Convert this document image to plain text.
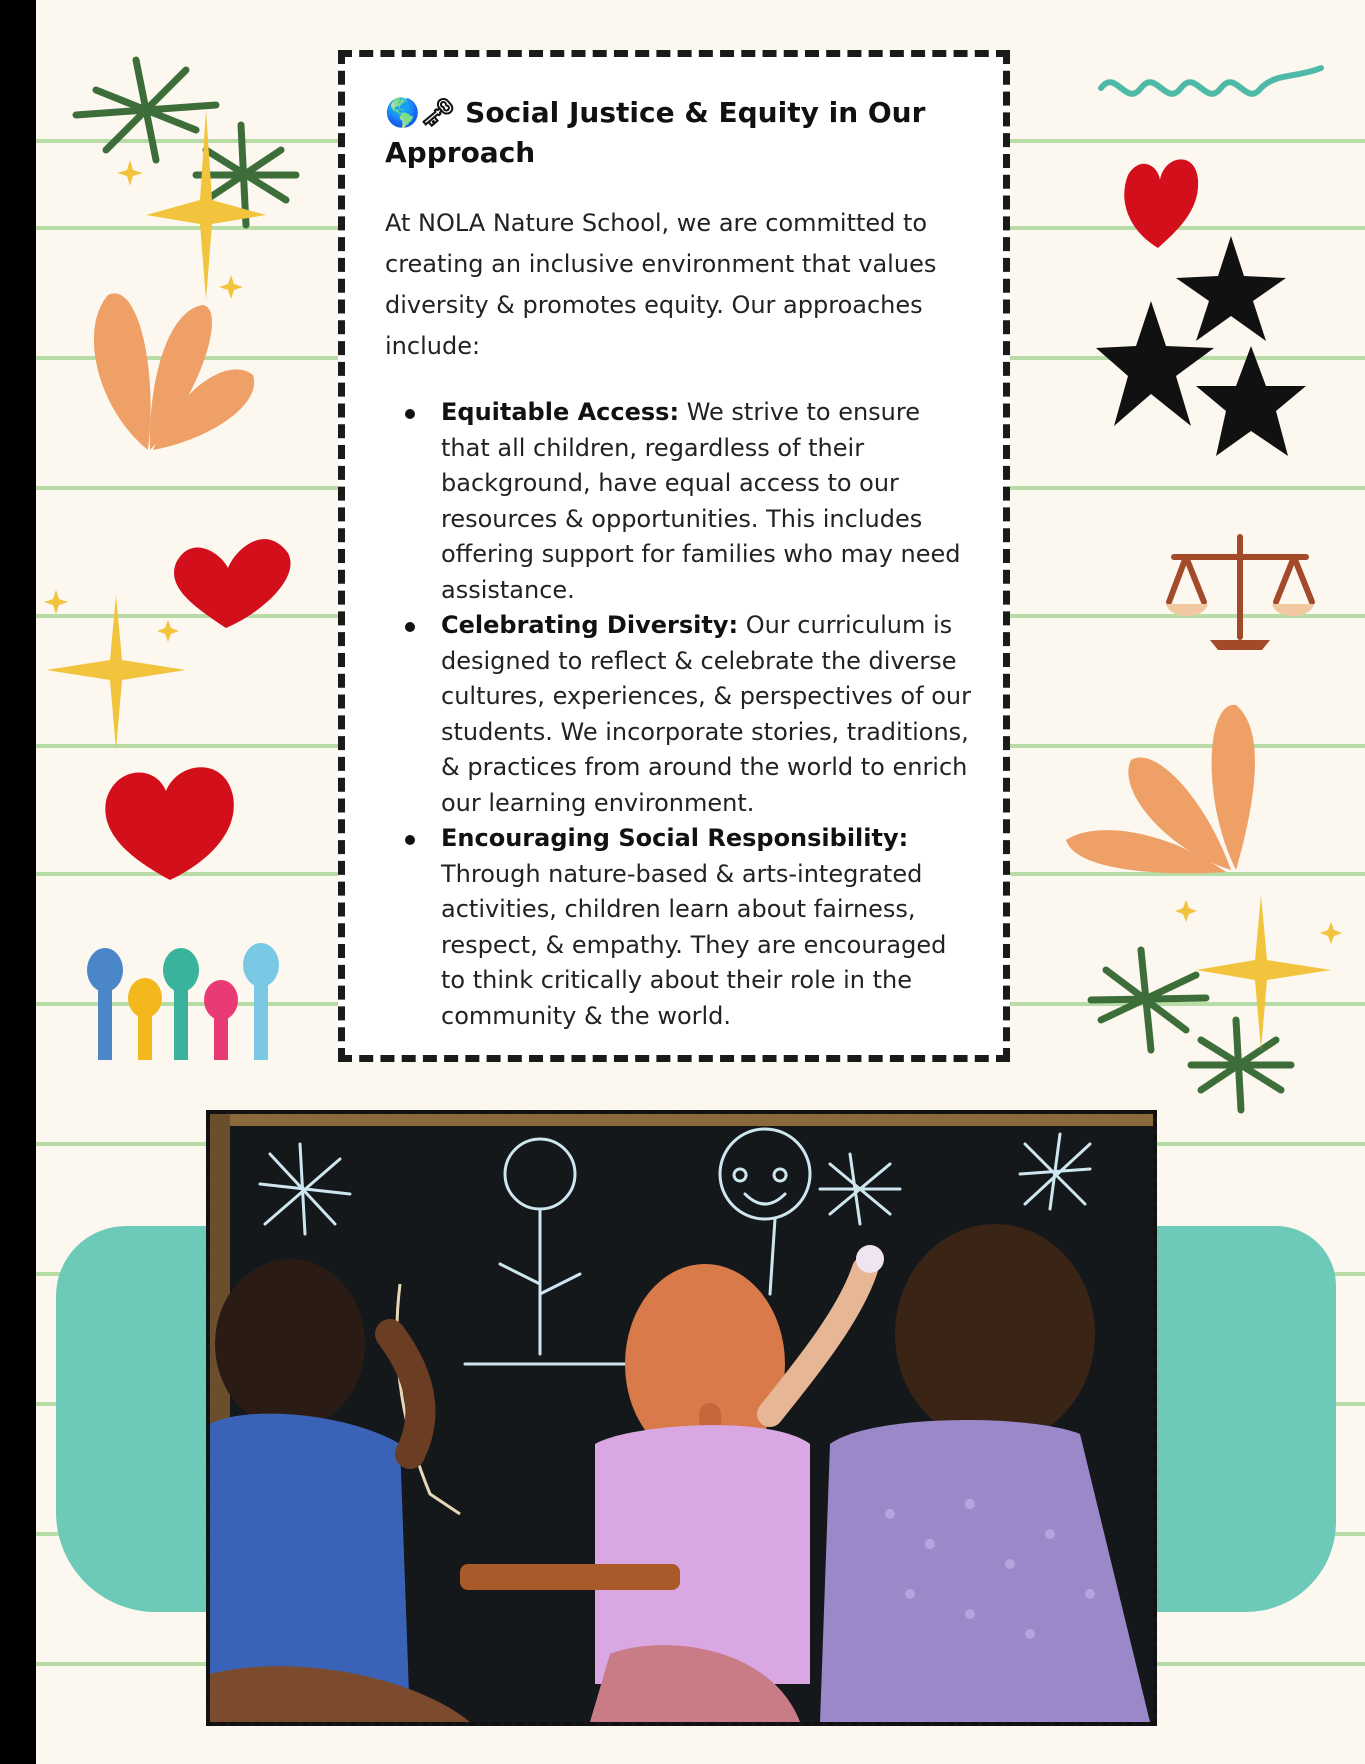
🌎🗝 Social Justice & Equity in Our Approach

At NOLA Nature School, we are committed to creating an inclusive environment that values diversity & promotes equity. Our approaches include:

Equitable Access: We strive to ensure that all children, regardless of their background, have equal access to our resources & opportunities. This includes offering support for families who may need assistance.
Celebrating Diversity: Our curriculum is designed to reflect & celebrate the diverse cultures, experiences, & perspectives of our students. We incorporate stories, traditions, & practices from around the world to enrich our learning environment.
Encouraging Social Responsibility: Through nature-based & arts-integrated activities, children learn about fairness, respect, & empathy. They are encouraged to think critically about their role in the community & the world.
